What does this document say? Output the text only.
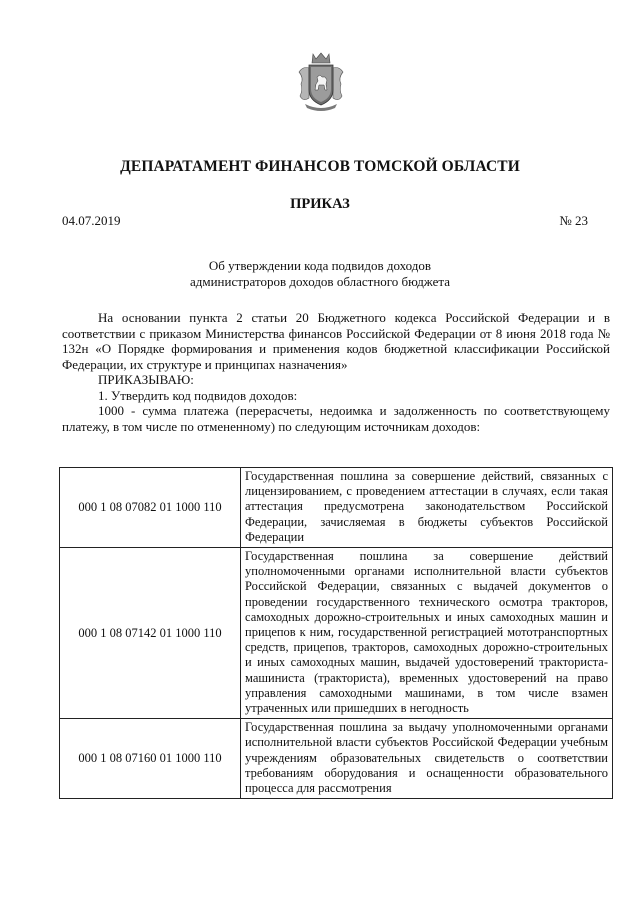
ДЕПАРАТАМЕНТ ФИНАНСОВ ТОМСКОЙ ОБЛАСТИ
ПРИКАЗ
04.07.2019	№ 23
Об утверждении кода подвидов доходов
администраторов доходов областного бюджета

На основании пункта 2 статьи 20 Бюджетного кодекса Российской Федерации и в соответствии с приказом Министерства финансов Российской Федерации от 8 июня 2018 года № 132н «О Порядке формирования и применения кодов бюджетной классификации Российской Федерации, их структуре и принципах назначения»

ПРИКАЗЫВАЮ:
1. Утвердить код подвидов доходов:

1000 - сумма платежа (перерасчеты, недоимка и задолженность по соответствующему платежу, в том числе по отмененному) по следующим источникам доходов:

000 1 08 07082 01 1000 110	Государственная пошлина за совершение действий, связанных с лицензированием, с проведением аттестации в случаях, если такая аттестация предусмотрена законодательством Российской Федерации, зачисляемая в бюджеты субъектов Российской Федерации
000 1 08 07142 01 1000 110	Государственная пошлина за совершение действий уполномоченными органами исполнительной власти субъектов Российской Федерации, связанных с выдачей документов о проведении государственного технического осмотра тракторов, самоходных дорожно-строительных и иных самоходных машин и прицепов к ним, государственной регистрацией мототранспортных средств, прицепов, тракторов, самоходных дорожно-строительных и иных самоходных машин, выдачей удостоверений тракториста-машиниста (тракториста), временных удостоверений на право управления самоходными машинами, в том числе взамен утраченных или пришедших в негодность
000 1 08 07160 01 1000 110	Государственная пошлина за выдачу уполномоченными органами исполнительной власти субъектов Российской Федерации учебным учреждениям образовательных свидетельств о соответствии требованиям оборудования и оснащенности образовательного процесса для рассмотрения
